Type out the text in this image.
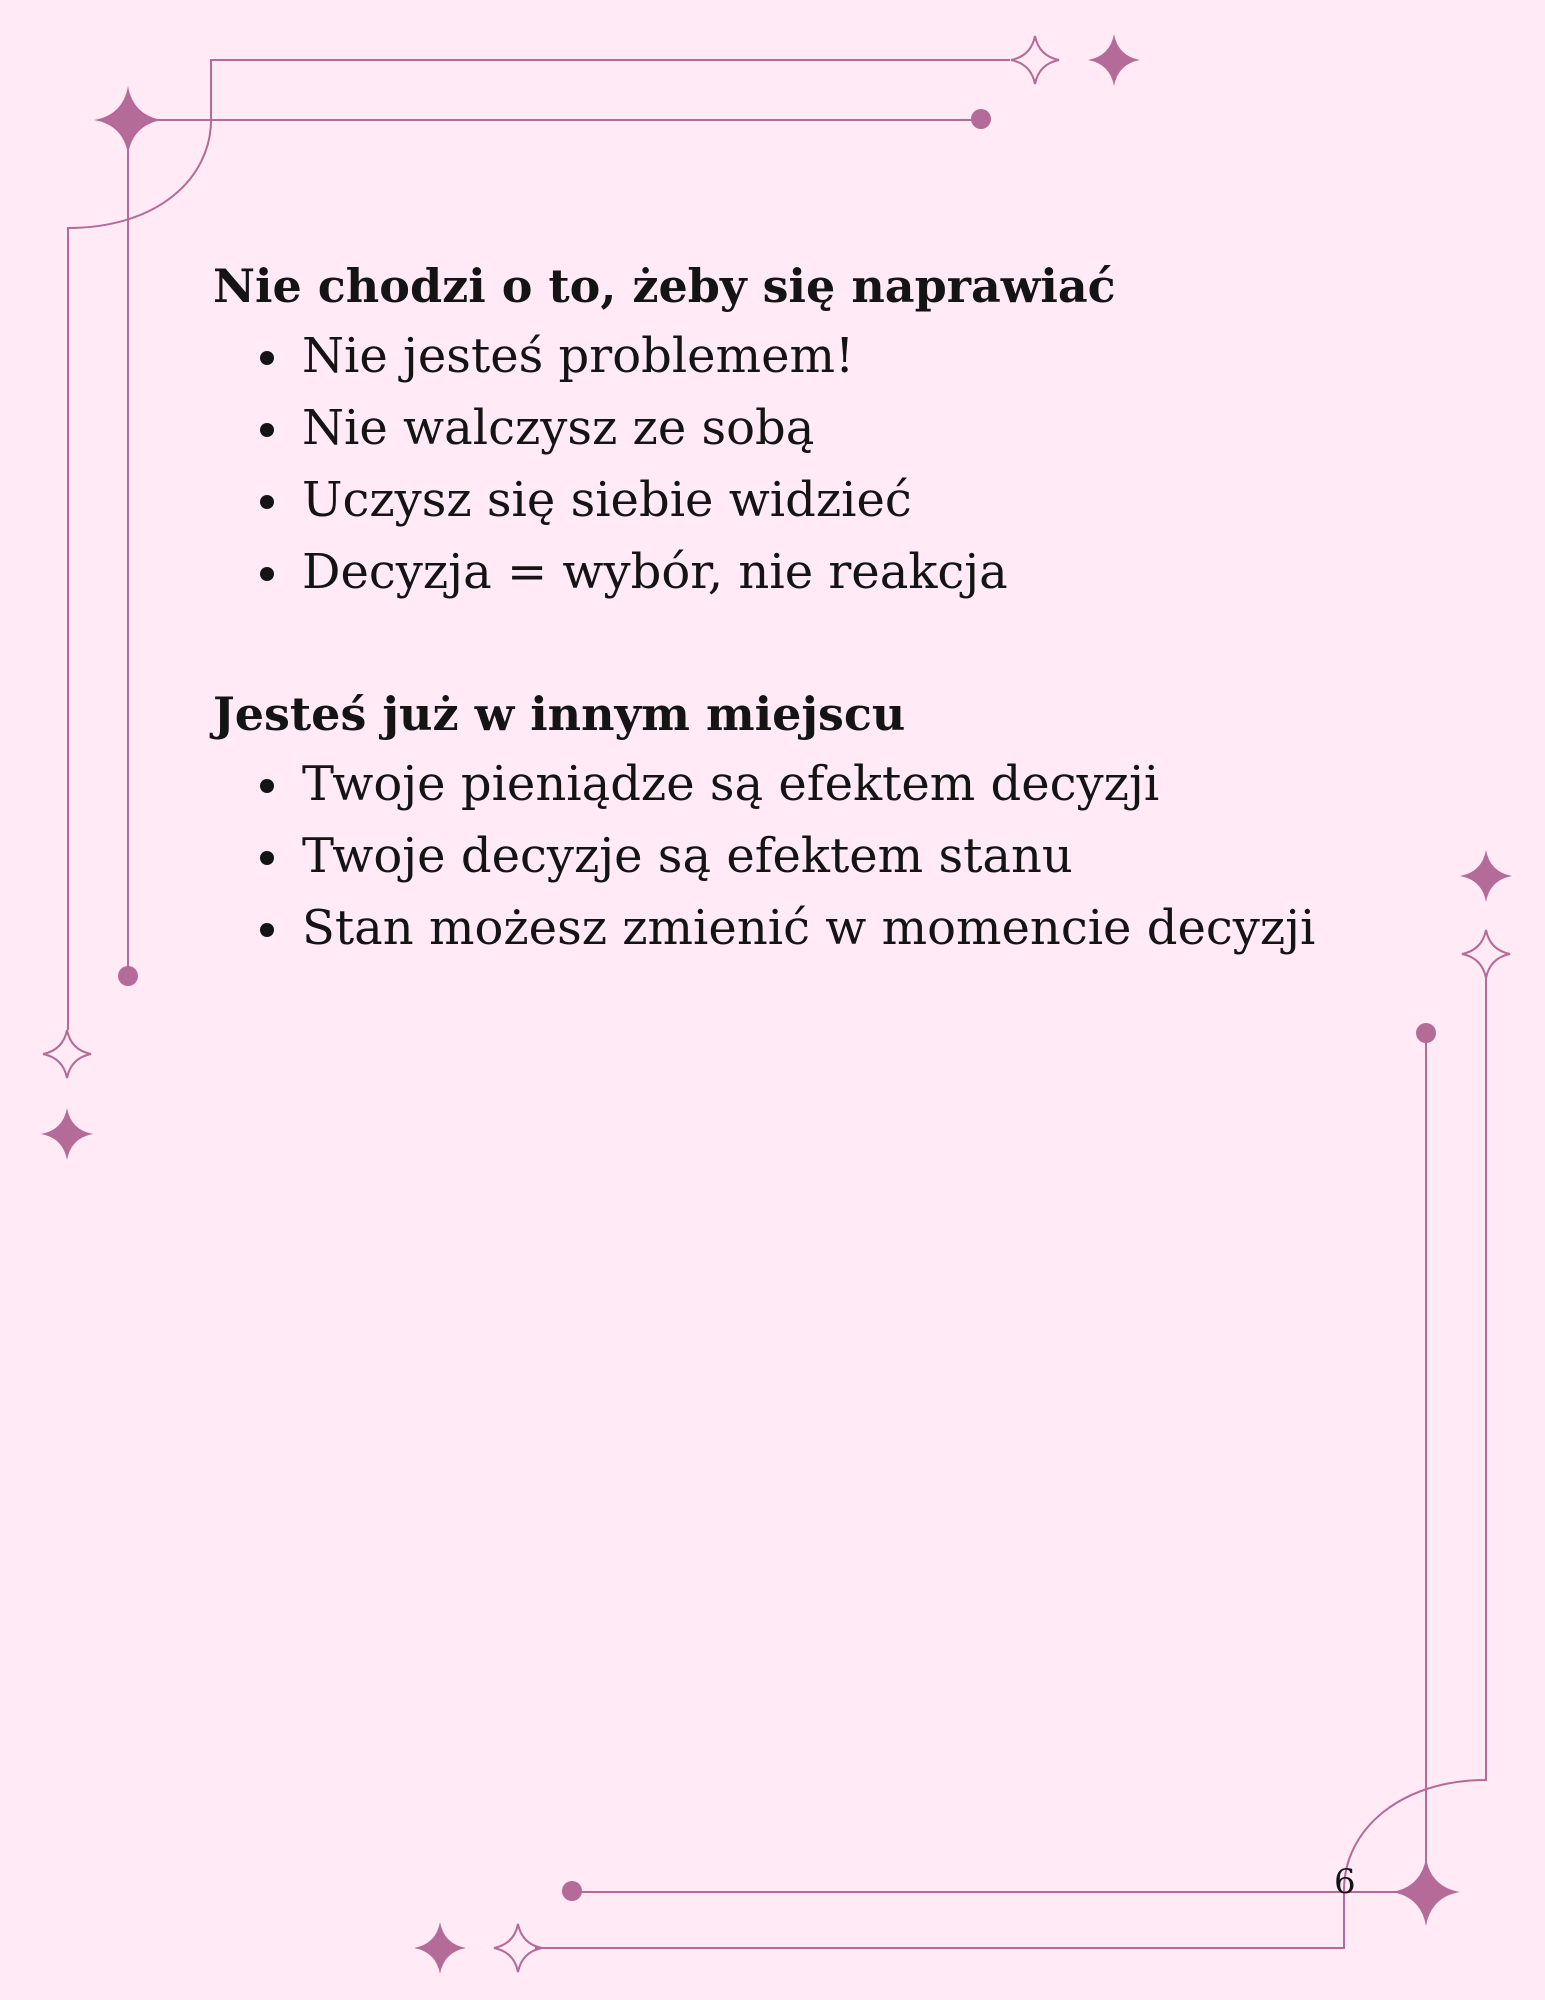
Nie chodzi o to, żeby się naprawiać
Nie jesteś problemem!
Nie walczysz ze sobą
Uczysz się siebie widzieć
Decyzja = wybór, nie reakcja
Jesteś już w innym miejscu
Twoje pieniądze są efektem decyzji
Twoje decyzje są efektem stanu
Stan możesz zmienić w momencie decyzji
6
